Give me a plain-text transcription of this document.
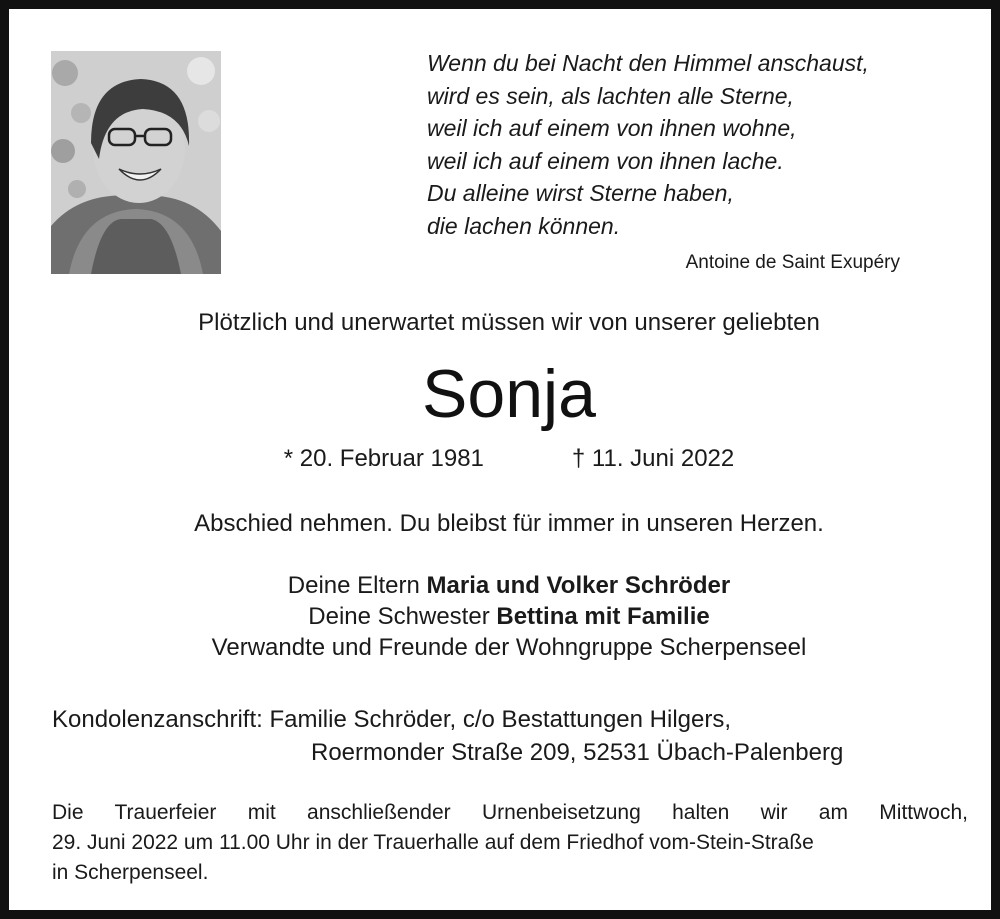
Wenn du bei Nacht den Himmel anschaust,
wird es sein, als lachten alle Sterne,
weil ich auf einem von ihnen wohne,
weil ich auf einem von ihnen lache.
Du alleine wirst Sterne haben,
die lachen können.
Antoine de Saint Exupéry
Plötzlich und unerwartet müssen wir von unserer geliebten
Sonja
* 20. Februar 1981	† 11. Juni 2022
Abschied nehmen. Du bleibst für immer in unseren Herzen.
Deine Eltern Maria und Volker Schröder
Deine Schwester Bettina mit Familie
Verwandte und Freunde der Wohngruppe Scherpenseel
Kondolenzanschrift: Familie Schröder, c/o Bestattungen Hilgers,
Roermonder Straße 209, 52531 Übach-Palenberg
Die Trauerfeier mit anschließender Urnenbeisetzung halten wir am Mittwoch,
29. Juni 2022 um 11.00 Uhr in der Trauerhalle auf dem Friedhof vom-Stein-Straße
in Scherpenseel.
